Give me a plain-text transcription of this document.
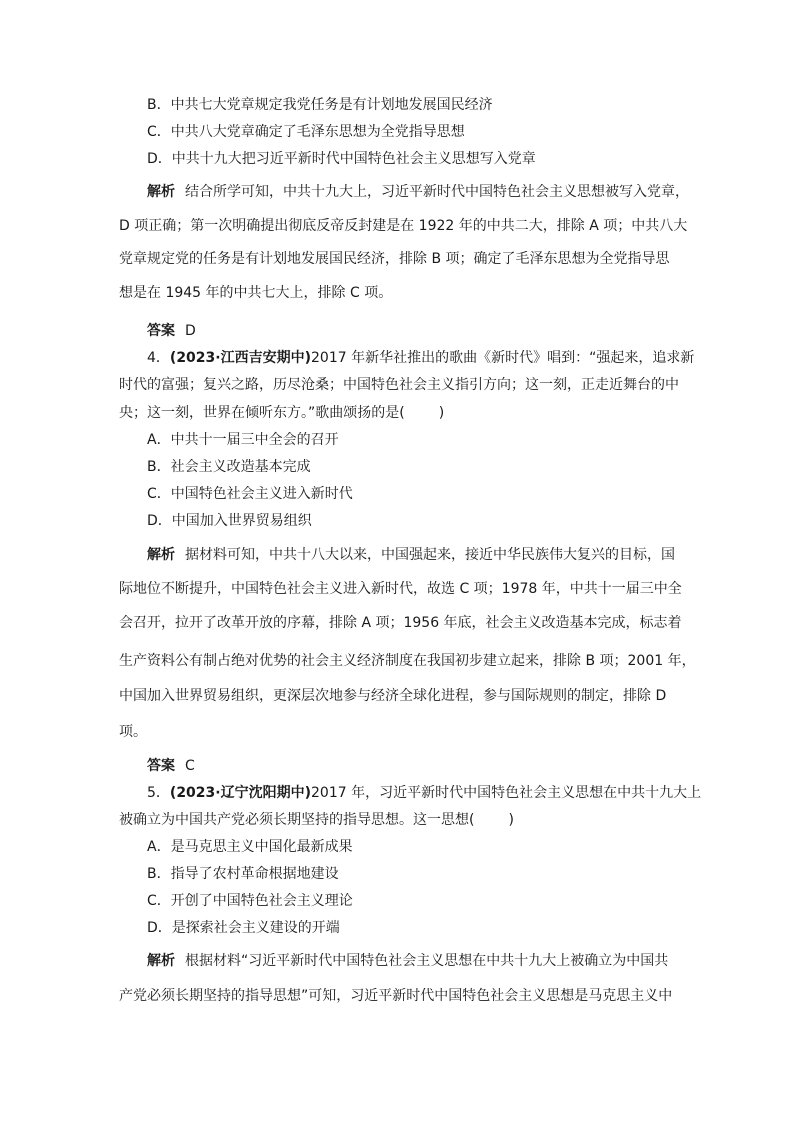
B．中共七大党章规定我党任务是有计划地发展国民经济
C．中共八大党章确定了毛泽东思想为全党指导思想
D．中共十九大把习近平新时代中国特色社会主义思想写入党章
解析 结合所学可知，中共十九大上，习近平新时代中国特色社会主义思想被写入党章，
D 项正确；第一次明确提出彻底反帝反封建是在 1922 年的中共二大，排除 A 项；中共八大
党章规定党的任务是有计划地发展国民经济，排除 B 项；确定了毛泽东思想为全党指导思
想是在 1945 年的中共七大上，排除 C 项。
答案 D
4．(2023·江西吉安期中)2017 年新华社推出的歌曲《新时代》唱到：“强起来，追求新
时代的富强；复兴之路，历尽沧桑；中国特色社会主义指引方向；这一刻，正走近舞台的中
央；这一刻，世界在倾听东方。”歌曲颂扬的是( )
A．中共十一届三中全会的召开
B．社会主义改造基本完成
C．中国特色社会主义进入新时代
D．中国加入世界贸易组织
解析 据材料可知，中共十八大以来，中国强起来，接近中华民族伟大复兴的目标，国
际地位不断提升，中国特色社会主义进入新时代，故选 C 项；1978 年，中共十一届三中全
会召开，拉开了改革开放的序幕，排除 A 项；1956 年底，社会主义改造基本完成，标志着
生产资料公有制占绝对优势的社会主义经济制度在我国初步建立起来，排除 B 项；2001 年，
中国加入世界贸易组织，更深层次地参与经济全球化进程，参与国际规则的制定，排除 D
项。
答案 C
5．(2023·辽宁沈阳期中)2017 年，习近平新时代中国特色社会主义思想在中共十九大上
被确立为中国共产党必须长期坚持的指导思想。这一思想( )
A．是马克思主义中国化最新成果
B．指导了农村革命根据地建设
C．开创了中国特色社会主义理论
D．是探索社会主义建设的开端
解析 根据材料“习近平新时代中国特色社会主义思想在中共十九大上被确立为中国共
产党必须长期坚持的指导思想”可知，习近平新时代中国特色社会主义思想是马克思主义中
